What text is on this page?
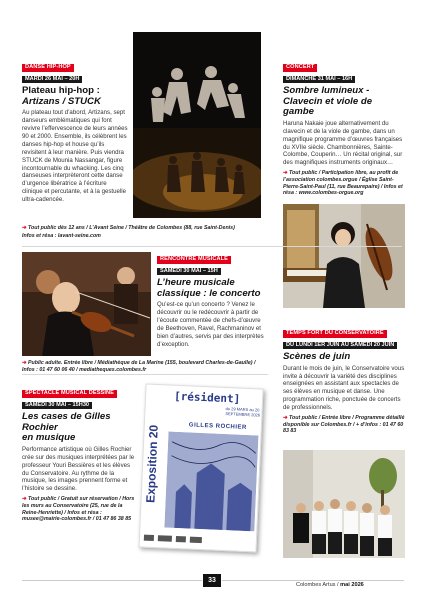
DANSE HIP-HOP
MARDI 26 MAI – 20H
Plateau hip-hop :
Artizans / STUCK

Au plateau tout d’abord, Artizans, sept danseurs emblématiques qui font revivre l’effervescence de leurs années 90 et 2000. Ensemble, ils célèbrent les danses hip-hop et house qu’ils revisitent à leur manière. Puis viendra STUCK de Mounia Nassangar, figure incontournable du whacking. Les cinq danseuses interprèteront cette danse d’urgence libératrice à l’écriture clinique et percutante, et à la gestuelle ultra-cadencée.

➔ Tout public dès 12 ans / L’Avant Seine / Théâtre de Colombes (88, rue Saint-Denis)

Infos et résa : lavant-seine.com

CONCERT
DIMANCHE 31 MAI – 16H
Sombre lumineux -
Clavecin et viole de gambe

Haruna Nakaie joue alternativement du clavecin et de la viole de gambe, dans un magnifique programme d’œuvres françaises du XVIIe siècle. Chambonnières, Sainte-Colombe, Couperin… Un récital original, sur des magnifiques instruments originaux…

➔ Tout public / Participation libre, au profit de l’association colombes.orgue / Église Saint-Pierre-Saint-Paul (11, rue Beaurepaire) / Infos et résa : www.colombes-orgue.org

RENCONTRE MUSICALE
SAMEDI 30 MAI – 15H
L’heure musicale
classique : le concerto

Qu’est-ce qu’un concerto ? Venez le découvrir ou le redécouvrir à partir de l’écoute commentée de chefs-d’œuvre de Beethoven, Ravel, Rachmaninov et bien d’autres, servis par des interprètes d’exception.

➔ Public adulte. Entrée libre / Médiathèque de La Marine (155, boulevard Charles-de-Gaulle) / Infos : 01 47 60 06 40 / mediatheques.colombes.fr

TEMPS FORT DU CONSERVATOIRE
DU LUNDI 1ER JUIN AU SAMEDI 20 JUIN
Scènes de juin

Durant le mois de juin, le Conservatoire vous invite à découvrir la variété des disciplines enseignées en assistant aux spectacles de ses élèves en musique et danse. Une programmation riche, ponctuée de concerts de professionnels.

➔ Tout public / Entrée libre / Programme détaillé disponible sur Colombes.fr / + d’infos : 01 47 60 83 83

SPECTACLE MUSICAL DESSINÉ
SAMEDI 30 MAI – 15H30
Les cases de Gilles Rochier
en musique

Performance artistique où Gilles Rochier crée sur des musiques interprétées par le professeur Youri Bessières et les élèves du Conservatoire. Au rythme de la musique, les images prennent forme et l’histoire se dessine.

➔ Tout public / Gratuit sur réservation / Hors les murs au Conservatoire (25, rue de la Reine-Henriette) / Infos et résa : musee@mairie-colombes.fr / 01 47 86 38 85

Exposition 20
[résident]
du 29 MARS au 20 SEPTEMBRE 2026
GILLES ROCHIER
33
Colombes Artus / mai 2026
